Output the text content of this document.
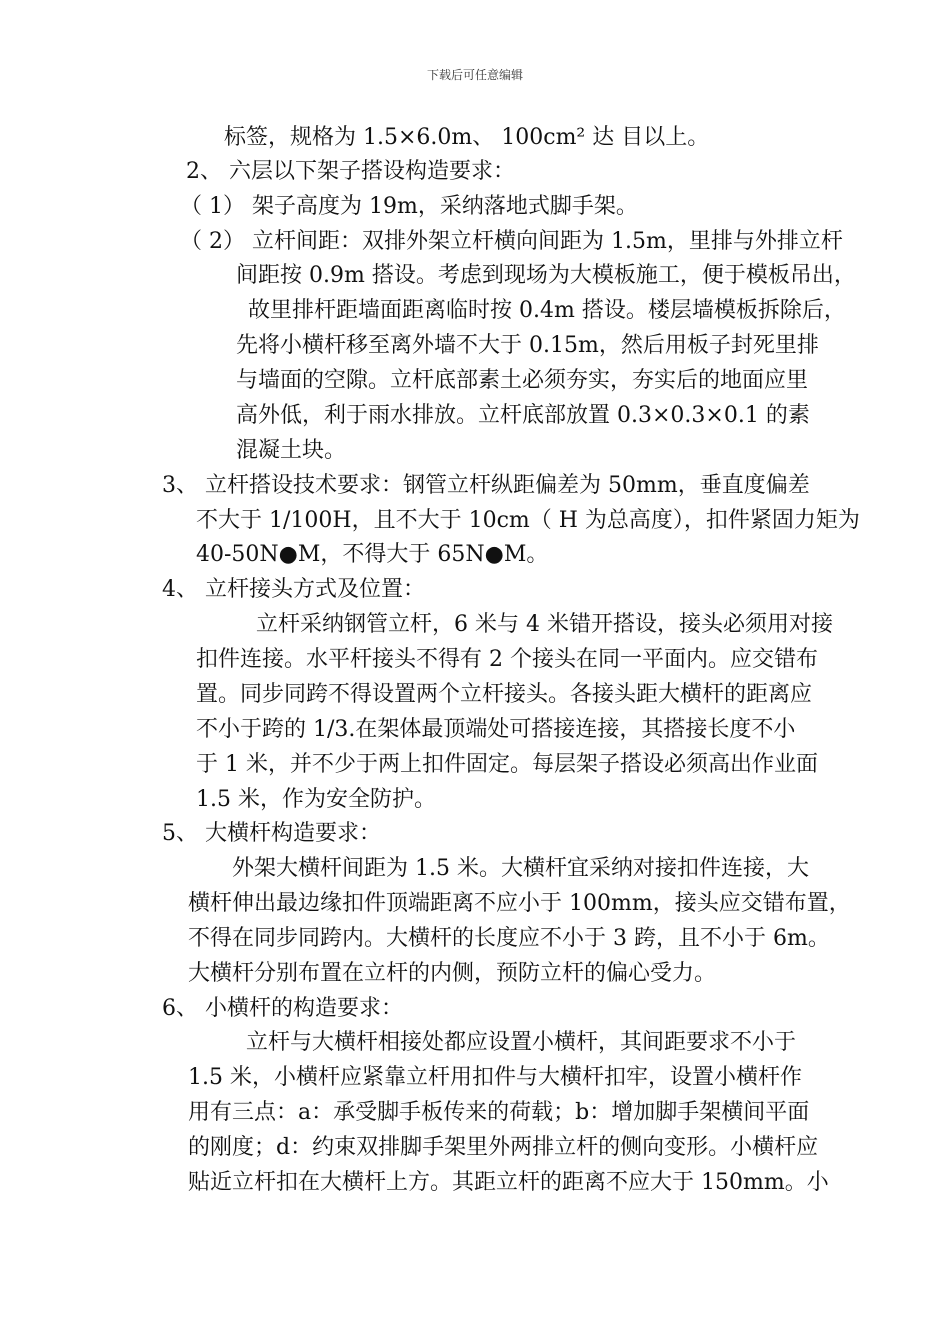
下载后可任意编辑
标签，规格为 1.5×6.0m、 100cm² 达 目以上。
2、 六层以下架子搭设构造要求：
（ 1） 架子高度为 19m，采纳落地式脚手架。
（ 2） 立杆间距：双排外架立杆横向间距为 1.5m，里排与外排立杆
间距按 0.9m 搭设。考虑到现场为大模板施工，便于模板吊出，
故里排杆距墙面距离临时按 0.4m 搭设。楼层墙模板拆除后，
先将小横杆移至离外墙不大于 0.15m，然后用板子封死里排
与墙面的空隙。立杆底部素土必须夯实，夯实后的地面应里
高外低，利于雨水排放。立杆底部放置 0.3×0.3×0.1 的素
混凝土块。
3、 立杆搭设技术要求：钢管立杆纵距偏差为 50mm，垂直度偏差
不大于 1/100H，且不大于 10cm（ H 为总高度），扣件紧固力矩为
40-50N●M，不得大于 65N●M。
4、 立杆接头方式及位置：
立杆采纳钢管立杆，6 米与 4 米错开搭设，接头必须用对接
扣件连接。水平杆接头不得有 2 个接头在同一平面内。应交错布
置。同步同跨不得设置两个立杆接头。各接头距大横杆的距离应
不小于跨的 1/3.在架体最顶端处可搭接连接，其搭接长度不小
于 1 米，并不少于两上扣件固定。每层架子搭设必须高出作业面
1.5 米，作为安全防护。
5、 大横杆构造要求：
外架大横杆间距为 1.5 米。大横杆宜采纳对接扣件连接，大
横杆伸出最边缘扣件顶端距离不应小于 100mm，接头应交错布置，
不得在同步同跨内。大横杆的长度应不小于 3 跨，且不小于 6m。
大横杆分别布置在立杆的内侧，预防立杆的偏心受力。
6、 小横杆的构造要求：
立杆与大横杆相接处都应设置小横杆，其间距要求不小于
1.5 米，小横杆应紧靠立杆用扣件与大横杆扣牢，设置小横杆作
用有三点：a：承受脚手板传来的荷载；b：增加脚手架横间平面
的刚度；d：约束双排脚手架里外两排立杆的侧向变形。小横杆应
贴近立杆扣在大横杆上方。其距立杆的距离不应大于 150mm。小
